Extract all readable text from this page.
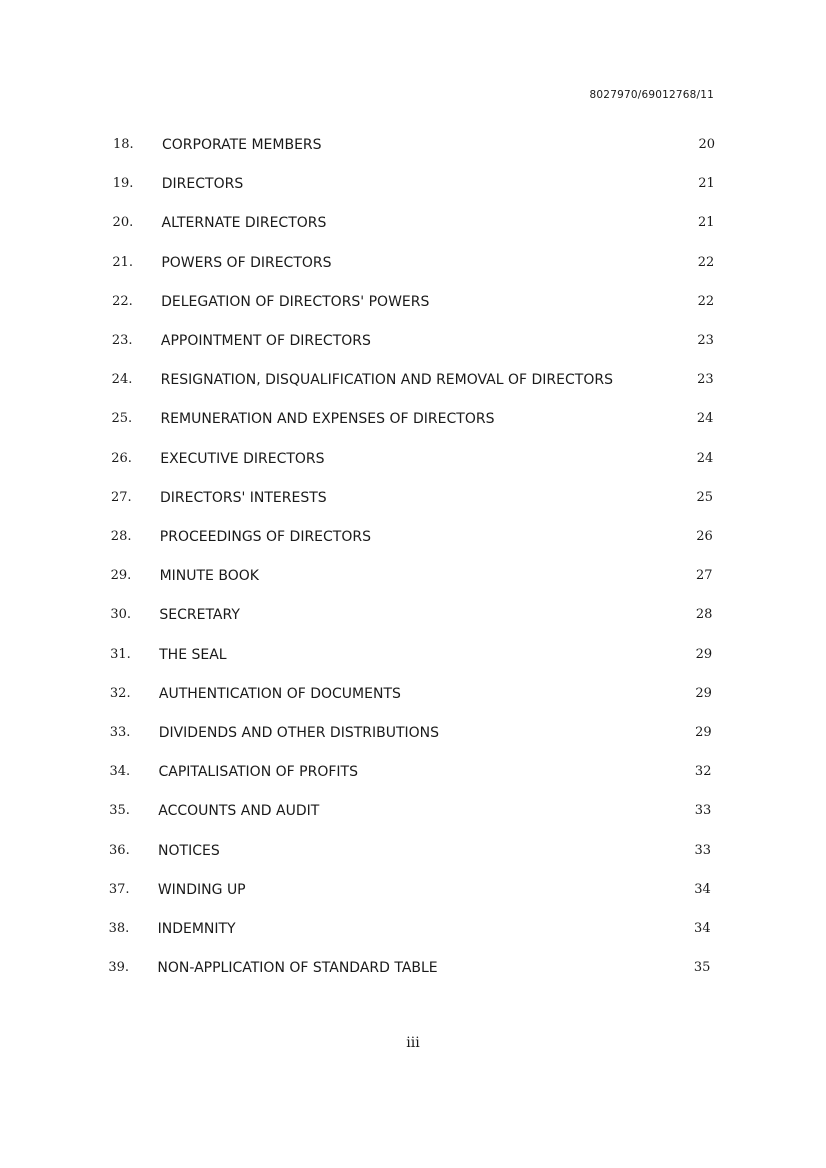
8027970/69012768/11
18. CORPORATE MEMBERS	20
19. DIRECTORS	21
20. ALTERNATE DIRECTORS	21
21. POWERS OF DIRECTORS	22
22. DELEGATION OF DIRECTORS' POWERS	22
23. APPOINTMENT OF DIRECTORS	23
24. RESIGNATION, DISQUALIFICATION AND REMOVAL OF DIRECTORS	23
25. REMUNERATION AND EXPENSES OF DIRECTORS	24
26. EXECUTIVE DIRECTORS	24
27. DIRECTORS' INTERESTS	25
28. PROCEEDINGS OF DIRECTORS	26
29. MINUTE BOOK	27
30. SECRETARY	28
31. THE SEAL	29
32. AUTHENTICATION OF DOCUMENTS	29
33. DIVIDENDS AND OTHER DISTRIBUTIONS	29
34. CAPITALISATION OF PROFITS	32
35. ACCOUNTS AND AUDIT	33
36. NOTICES	33
37. WINDING UP	34
38. INDEMNITY	34
39. NON-APPLICATION OF STANDARD TABLE	35
iii
